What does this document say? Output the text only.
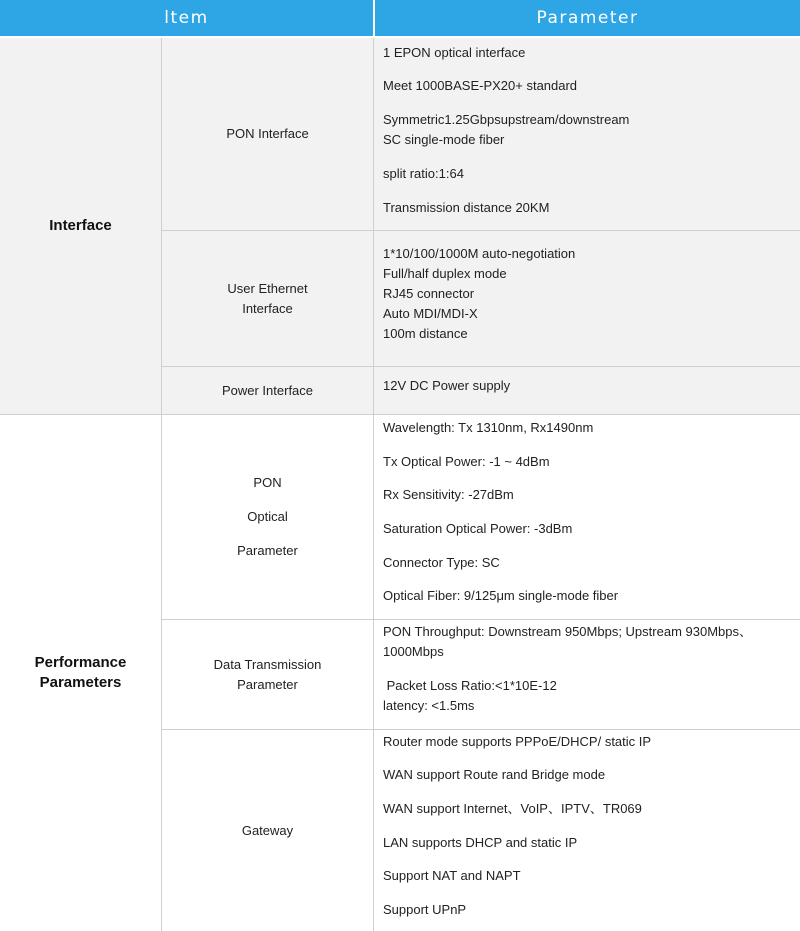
ltem	Parameter
Interface
Performance
Parameters
PON Interface
User Ethernet
Interface
Power Interface
PON
Optical
Parameter
Data Transmission
Parameter
Gateway
1 EPON optical interface
Meet 1000BASE-PX20+ standard
Symmetric1.25Gbpsupstream/downstream
SC single-mode fiber
split ratio:1:64
Transmission distance 20KM
1*10/100/1000M auto-negotiation
Full/half duplex mode
RJ45 connector
Auto MDI/MDI-X
100m distance
12V DC Power supply
Wavelength: Tx 1310nm, Rx1490nm
Tx Optical Power: -1 ~ 4dBm
Rx Sensitivity: -27dBm
Saturation Optical Power: -3dBm
Connector Type: SC
Optical Fiber: 9/125μm single-mode fiber
PON Throughput: Downstream 950Mbps; Upstream 930Mbps、
1000Mbps
Packet Loss Ratio:<1*10E-12
latency: <1.5ms
Router mode supports PPPoE/DHCP/ static IP
WAN support Route rand Bridge mode
WAN support Internet、VoIP、IPTV、TR069
LAN supports DHCP and static IP
Support NAT and NAPT
Support UPnP
